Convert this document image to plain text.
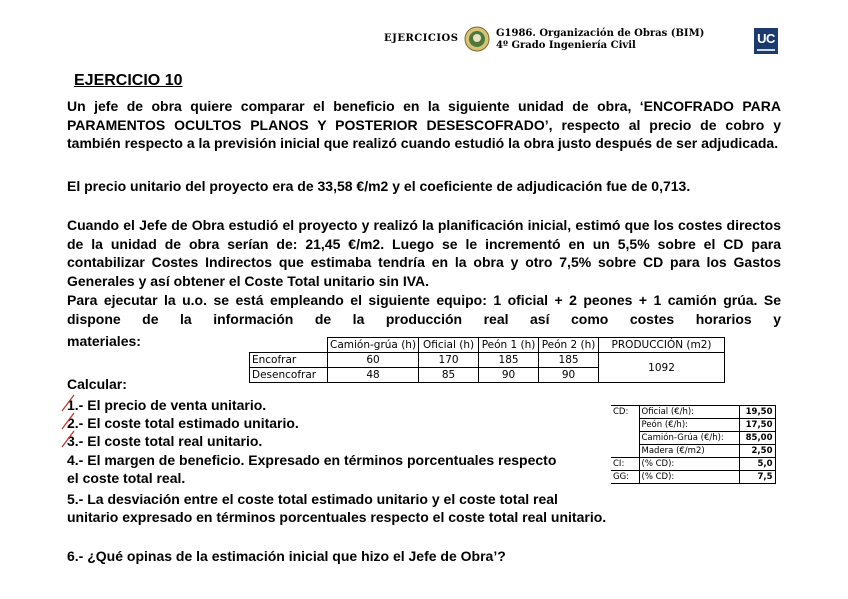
EJERCICIOS	G1986. Organización de Obras (BIM)
4º Grado Ingeniería Civil	UC
EJERCICIO 10
Un jefe de obra quiere comparar el beneficio en la siguiente unidad de obra, ‘ENCOFRADO PARA PARAMENTOS OCULTOS PLANOS Y POSTERIOR DESESCOFRADO’, respecto al precio de cobro y también respecto a la previsión inicial que realizó cuando estudió la obra justo después de ser adjudicada.
El precio unitario del proyecto era de 33,58 €/m2 y el coeficiente de adjudicación fue de 0,713.
Cuando el Jefe de Obra estudió el proyecto y realizó la planificación inicial, estimó que los costes directos de la unidad de obra serían de: 21,45 €/m2. Luego se le incrementó en un 5,5% sobre el CD para contabilizar Costes Indirectos que estimaba tendría en la obra y otro 7,5% sobre CD para los Gastos Generales y así obtener el Coste Total unitario sin IVA.
Para ejecutar la u.o. se está empleando el siguiente equipo: 1 oficial + 2 peones + 1 camión grúa. Se dispone de la información de la producción real así como costes horarios y
materiales:
		Camión-grúa (h)	Oficial (h)	Peón 1 (h)	Peón 2 (h)	PRODUCCIÓN (m2)
Encofrar	60	170	185	185	1092
Desencofrar	48	85	90	90	
Calcular:
1.- El precio de venta unitario.
2.- El coste total estimado unitario.
3.- El coste total real unitario.
4.- El margen de beneficio. Expresado en términos porcentuales respecto el coste total real.
5.- La desviación entre el coste total estimado unitario y el coste total real unitario expresado en términos porcentuales respecto el coste total real unitario.
6.- ¿Qué opinas de la estimación inicial que hizo el Jefe de Obra’?
CD:	Oficial (€/h):	19,50
	Peón (€/h):	17,50
	Camión-Grúa (€/h):	85,00
	Madera (€/m2)	2,50
CI:	(% CD):	5,0
GG:	(% CD):	7,5
